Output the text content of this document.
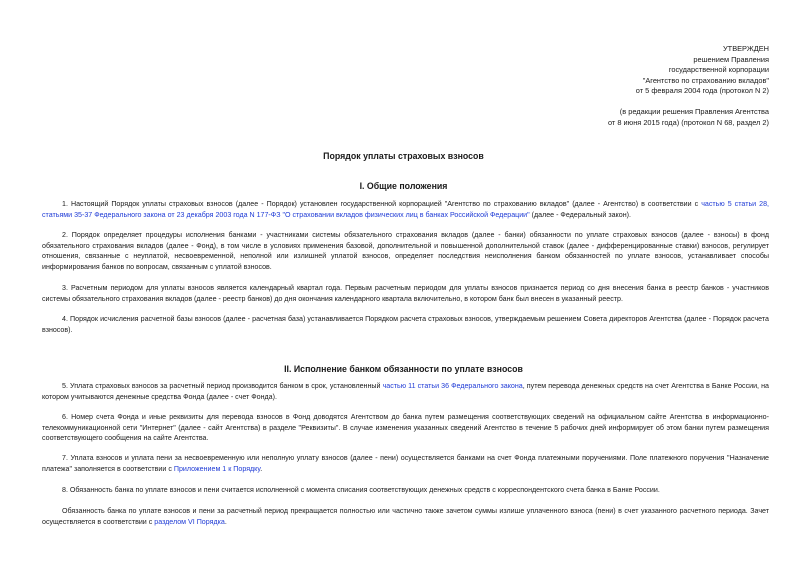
УТВЕРЖДЕН
решением Правления
государственной корпорации
"Агентство по страхованию вкладов"
от 5 февраля 2004 года (протокол N 2)
(в редакции решения Правления Агентства
от 8 июня 2015 года) (протокол N 68, раздел 2)
Порядок уплаты страховых взносов
I. Общие положения
1. Настоящий Порядок уплаты страховых взносов (далее - Порядок) установлен государственной корпорацией "Агентство по страхованию вкладов" (далее - Агентство) в соответствии с частью 5 статьи 28, статьями 35-37 Федерального закона от 23 декабря 2003 года N 177-ФЗ "О страховании вкладов физических лиц в банках Российской Федерации" (далее - Федеральный закон).
2. Порядок определяет процедуры исполнения банками - участниками системы обязательного страхования вкладов (далее - банки) обязанности по уплате страховых взносов (далее - взносы) в фонд обязательного страхования вкладов (далее - Фонд), в том числе в условиях применения базовой, дополнительной и повышенной дополнительной ставок (далее - дифференцированные ставки) взносов, регулирует отношения, связанные с неуплатой, несвоевременной, неполной или излишней уплатой взносов, определяет последствия неисполнения банком обязанностей по уплате взносов, устанавливает способы информирования банков по вопросам, связанным с уплатой взносов.
3. Расчетным периодом для уплаты взносов является календарный квартал года. Первым расчетным периодом для уплаты взносов признается период со дня внесения банка в реестр банков - участников системы обязательного страхования вкладов (далее - реестр банков) до дня окончания календарного квартала включительно, в котором банк был внесен в указанный реестр.
4. Порядок исчисления расчетной базы взносов (далее - расчетная база) устанавливается Порядком расчета страховых взносов, утверждаемым решением Совета директоров Агентства (далее - Порядок расчета взносов).
II. Исполнение банком обязанности по уплате взносов
5. Уплата страховых взносов за расчетный период производится банком в срок, установленный частью 11 статьи 36 Федерального закона, путем перевода денежных средств на счет Агентства в Банке России, на котором учитываются денежные средства Фонда (далее - счет Фонда).
6. Номер счета Фонда и иные реквизиты для перевода взносов в Фонд доводятся Агентством до банка путем размещения соответствующих сведений на официальном сайте Агентства в информационно-телекоммуникационной сети "Интернет" (далее - сайт Агентства) в разделе "Реквизиты". В случае изменения указанных сведений Агентство в течение 5 рабочих дней информирует об этом банки путем размещения соответствующего сообщения на сайте Агентства.
7. Уплата взносов и уплата пени за несвоевременную или неполную уплату взносов (далее - пени) осуществляется банками на счет Фонда платежными поручениями. Поле платежного поручения "Назначение платежа" заполняется в соответствии с Приложением 1 к Порядку.
8. Обязанность банка по уплате взносов и пени считается исполненной с момента списания соответствующих денежных средств с корреспондентского счета банка в Банке России.
Обязанность банка по уплате взносов и пени за расчетный период прекращается полностью или частично также зачетом суммы излише уплаченного взноса (пени) в счет указанного расчетного периода. Зачет осуществляется в соответствии с разделом VI Порядка.
